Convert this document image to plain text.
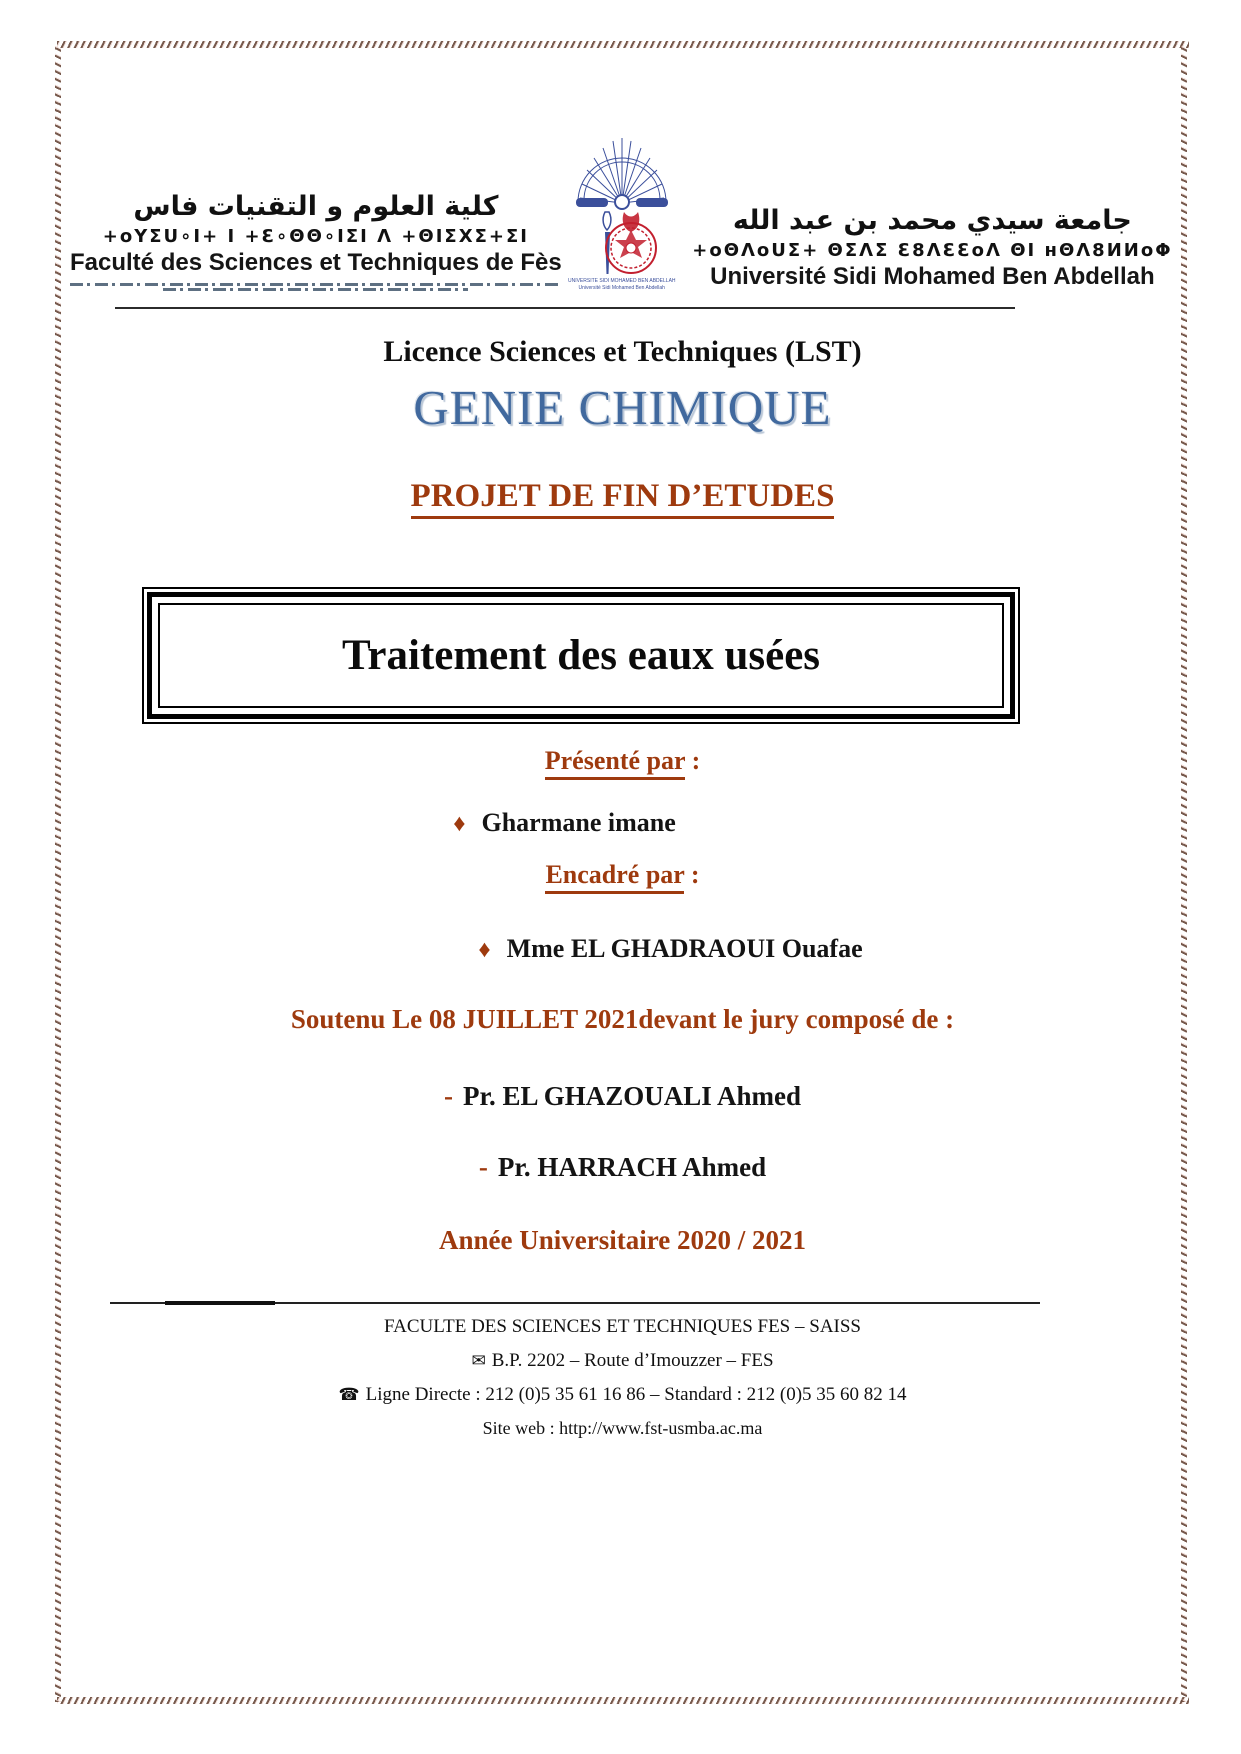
كلية العلوم و التقنيات فاس
+oYΣU∘I+ I +Ɛ∘ΘΘ∘IΣI Λ +ΘIΣXΣ+ΣI
Faculté des Sciences et Techniques de Fès
UNIVERSITÉ SIDI MOHAMED BEN ABDELLAH
Université Sidi Mohamed Ben Abdellah
جامعة سيدي محمد بن عبد الله
+oΘΛoUΣ+ ΘΣΛΣ Ɛ8ΛƐƐoΛ ΘI ʜΘΛ8ИИoΦ
Université Sidi Mohamed Ben Abdellah
Licence Sciences et Techniques (LST)
GENIE CHIMIQUE
PROJET DE FIN D’ETUDES
Traitement des eaux usées
Présenté par :
♦ Gharmane imane
Encadré par :
♦ Mme EL GHADRAOUI Ouafae
Soutenu Le 08 JUILLET 2021devant le jury composé de :
- Pr. EL GHAZOUALI Ahmed
- Pr. HARRACH Ahmed
Année Universitaire 2020 / 2021
FACULTE DES SCIENCES ET TECHNIQUES FES – SAISS
✉ B.P. 2202 – Route d’Imouzzer – FES
☎ Ligne Directe : 212 (0)5 35 61 16 86 – Standard : 212 (0)5 35 60 82 14
Site web : http://www.fst-usmba.ac.ma
